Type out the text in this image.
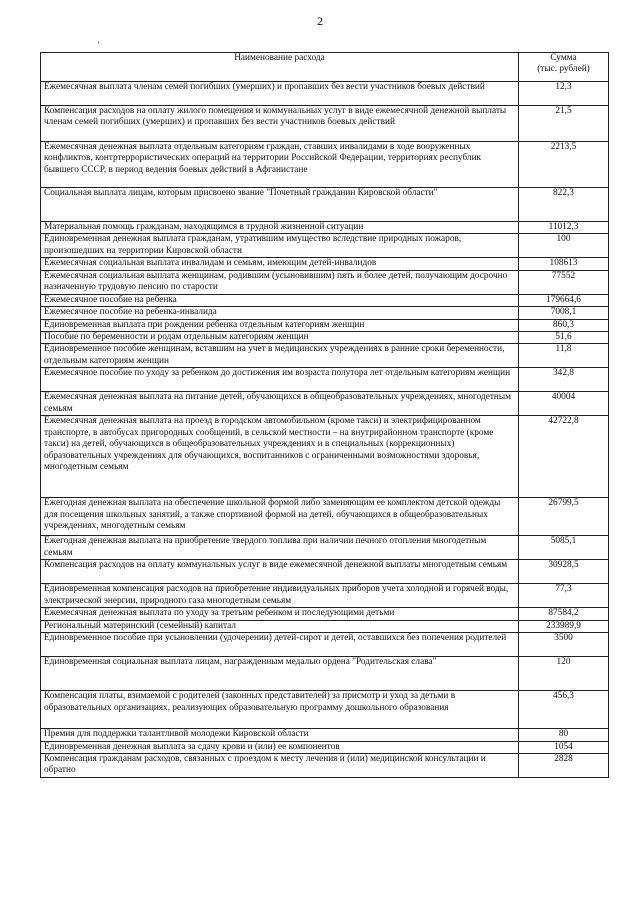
2
'
Наименование расхода	Сумма
(тыс. рублей)

Ежемесячная выплата членам семей погибших (умерших) и пропавших без вести участников боевых действий	12,3
Компенсация расходов на оплату жилого помещения и коммунальных услуг в виде ежемесячной денежной выплаты членам семей погибших (умерших) и пропавших без вести участников боевых действий	21,5
Ежемесячная денежная выплата отдельным категориям граждан, ставших инвалидами в ходе вооруженных конфликтов, контртеррористических операций на территории Российской Федерации, территориях республик бывшего СССР, в период ведения боевых действий в Афганистане	2213,5
Социальная выплата лицам, которым присвоено звание "Почетный гражданин Кировской области"	822,3
Материальная помощь гражданам, находящимся в трудной жизненной ситуации	11012,3
Единовременная денежная выплата гражданам, утратившим имущество вследствие природных пожаров, произошедших на территории Кировской области	100
Ежемесячная социальная выплата инвалидам и семьям, имеющим детей-инвалидов	108613
Ежемесячная социальная выплата женщинам, родившим (усыновившим) пять и более детей, получающим досрочно назначенную трудовую пенсию по старости	77552
Ежемесячное пособие на ребенка	179664,6
Ежемесячное пособие на ребенка-инвалида	7008,1
Единовременная выплата при рождении ребенка отдельным категориям женщин	860,3
Пособие по беременности и родам отдельным категориям женщин	51,6
Единовременное пособие женщинам, вставшим на учет в медицинских учреждениях в ранние сроки беременности, отдельным категориям женщин	11,8
Ежемесячное пособие по уходу за ребенком до достижения им возраста полутора лет отдельным категориям женщин	342,8
Ежемесячная денежная выплата на питание детей, обучающихся в общеобразовательных учреждениях, многодетным семьям	40004
Ежемесячная денежная выплата на проезд в городском автомобильном (кроме такси) и электрифицированном транспорте, в автобусах пригородных сообщений, в сельской местности – на внутрирайонном транспорте (кроме такси) на детей, обучающихся в общеобразовательных учреждениях и в специальных (коррекционных) образовательных учреждениях для обучающихся, воспитанников с ограниченными возможностями здоровья, многодетным семьям	42722,8
Ежегодная денежная выплата на обеспечение школьной формой либо заменяющим ее комплектом детской одежды для посещения школьных занятий, а также спортивной формой на детей, обучающихся в общеобразовательных учреждениях, многодетным семьям	26799,5
Ежегодная денежная выплата на приобретение твердого топлива при наличии печного отопления многодетным семьям	5085,1
Компенсация расходов на оплату коммунальных услуг в виде ежемесячной денежной выплаты многодетным семьям	30928,5
Единовременная компенсация расходов на приобретение индивидуальных приборов учета холодной и горячей воды, электрической энергии, природного газа многодетным семьям	77,3
Ежемесячная денежная выплата по уходу за третьим ребенком и последующими детьми	87584,2
Региональный материнский (семейный) капитал	233989,9
Единовременное пособие при усыновлении (удочерении) детей-сирот и детей, оставшихся без попечения родителей	3500
Единовременная социальная выплата лицам, награжденным медалью ордена "Родительская слава"	120
Компенсация платы, взимаемой с родителей (законных представителей) за присмотр и уход за детьми в образовательных организациях, реализующих образовательную программу дошкольного образования	456,3
Премия для поддержки талантливой молодежи Кировской области	80
Единовременная денежная выплата за сдачу крови и (или) ее компонентов	1054
Компенсация гражданам расходов, связанных с проездом к месту лечения и (или) медицинской консультации и обратно	2828
